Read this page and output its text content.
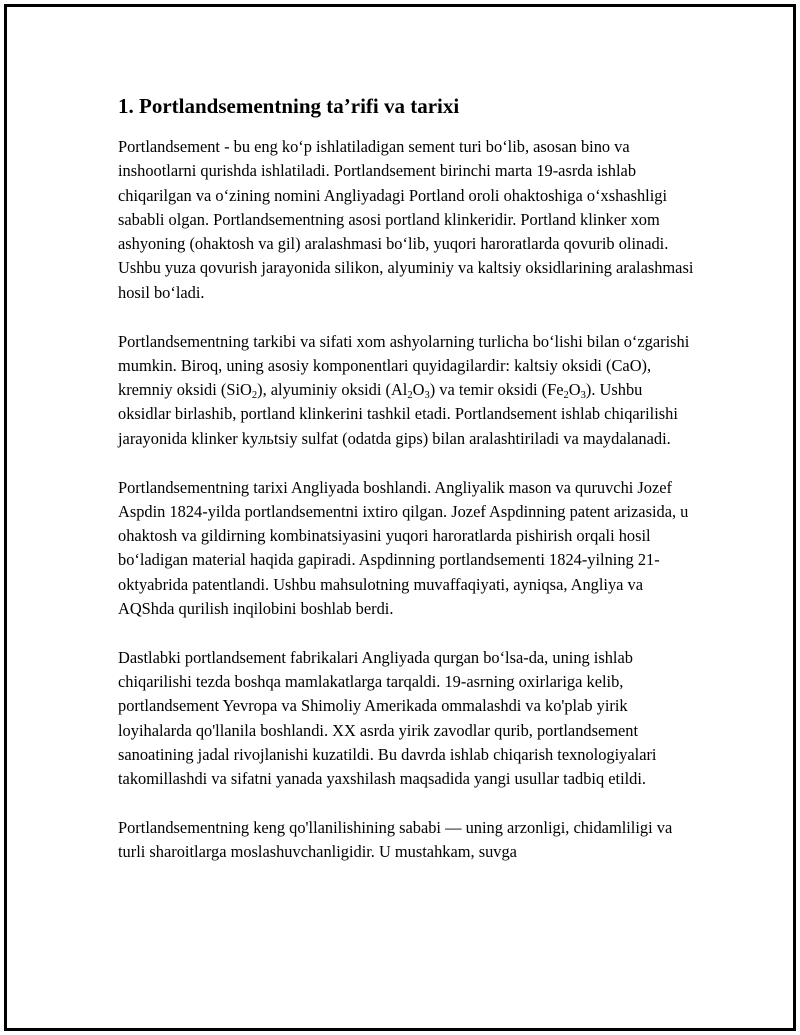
1. Portlandsementning ta’rifi va tarixi

Portlandsement - bu eng ko‘p ishlatiladigan sement turi bo‘lib, asosan bino va inshootlarni qurishda ishlatiladi. Portlandsement birinchi marta 19-asrda ishlab chiqarilgan va o‘zining nomini Angliyadagi Portland oroli ohaktoshiga o‘xshashligi sababli olgan. Portlandsementning asosi portland klinkeridir. Portland klinker xom ashyoning (ohaktosh va gil) aralashmasi bo‘lib, yuqori haroratlarda qovurib olinadi. Ushbu yuza qovurish jarayonida silikon, alyuminiy va kaltsiy oksidlarining aralashmasi hosil bo‘ladi.

Portlandsementning tarkibi va sifati xom ashyolarning turlicha bo‘lishi bilan o‘zgarishi mumkin. Biroq, uning asosiy komponentlari quyidagilardir: kaltsiy oksidi (CaO), kremniy oksidi (SiO$_2$), alyuminiy oksidi $(Al_2O_3)$ va temir oksidi $(Fe_2O_3)$. Ushbu oksidlar birlashib, portland klinkerini tashkil etadi. Portlandsement ishlab chiqarilishi jarayonida klinker kyльtsiy sulfat (odatda gips) bilan aralashtiriladi va maydalanadi.

Portlandsementning tarixi Angliyada boshlandi. Angliyalik mason va quruvchi Jozef Aspdin 1824-yilda portlandsementni ixtiro qilgan. Jozef Aspdinning patent arizasida, u ohaktosh va gildirning kombinatsiyasini yuqori haroratlarda pishirish orqali hosil bo‘ladigan material haqida gapiradi. Aspdinning portlandsementi 1824-yilning 21-oktyabrida patentlandi. Ushbu mahsulotning muvaffaqiyati, ayniqsa, Angliya va AQShda qurilish inqilobini boshlab berdi.

Dastlabki portlandsement fabrikalari Angliyada qurgan bo‘lsa-da, uning ishlab chiqarilishi tezda boshqa mamlakatlarga tarqaldi. 19-asrning oxirlariga kelib, portlandsement Yevropa va Shimoliy Amerikada ommalashdi va ko'plab yirik loyihalarda qo'llanila boshlandi. XX asrda yirik zavodlar qurib, portlandsement sanoatining jadal rivojlanishi kuzatildi. Bu davrda ishlab chiqarish texnologiyalari takomillashdi va sifatni yanada yaxshilash maqsadida yangi usullar tadbiq etildi.

Portlandsementning keng qo'llanilishining sababi — uning arzonligi, chidamliligi va turli sharoitlarga moslashuvchanligidir. U mustahkam, suvga
